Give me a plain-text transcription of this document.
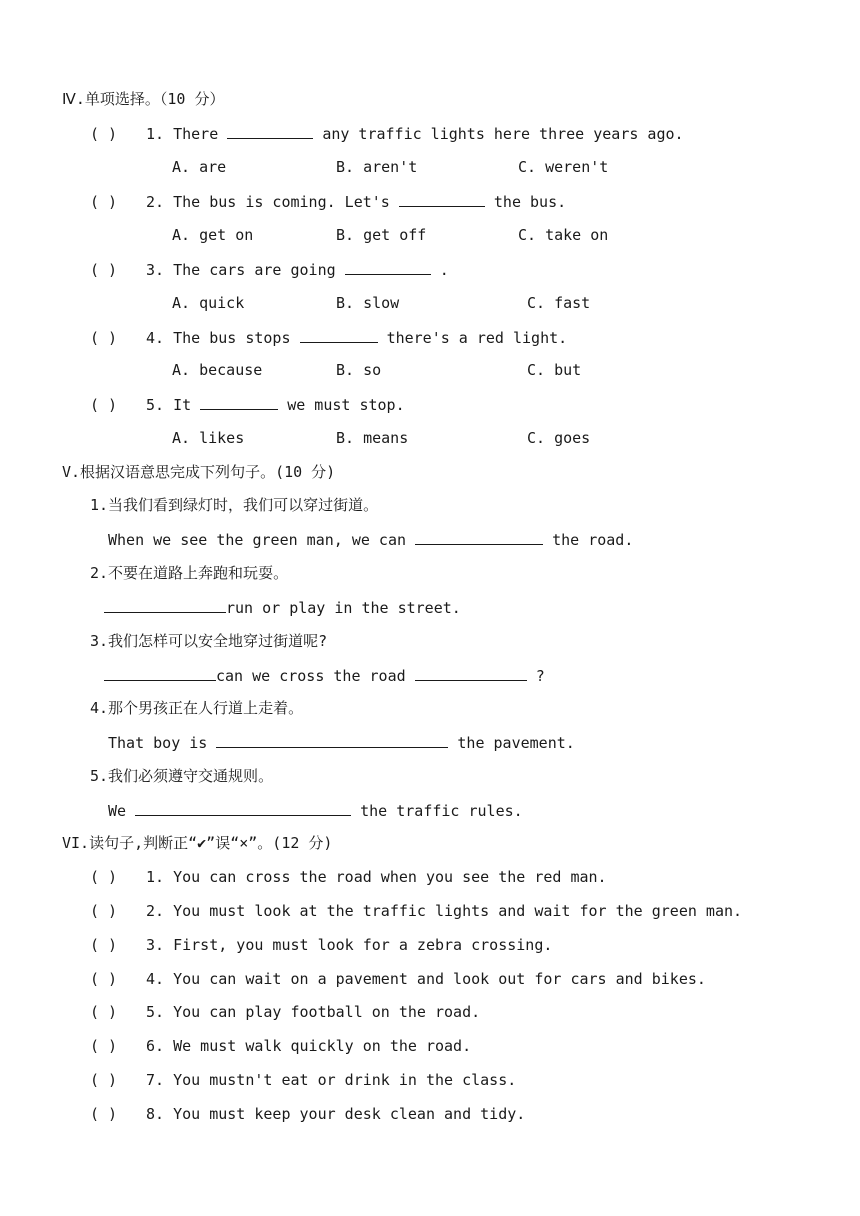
Ⅳ.单项选择。（10 分）
( ) 1. There	any traffic lights here three years ago.
A. are	B. aren't	C. weren't
( ) 2. The bus is coming. Let's	the bus.
A. get on	B. get off	C. take on
( ) 3. The cars are going	.
A. quick	B. slow	C. fast
( ) 4. The bus stops	there's a red light.
A. because	B. so	C. but
( ) 5. It	we must stop.
A. likes	B. means	C. goes
V.根据汉语意思完成下列句子。(10 分)
1.当我们看到绿灯时，我们可以穿过街道。
When we see the green man, we can	the road.
2.不要在道路上奔跑和玩耍。
run or play in the street.
3.我们怎样可以安全地穿过街道呢?
can we cross the road	?
4.那个男孩正在人行道上走着。
That boy is	the pavement.
5.我们必须遵守交通规则。
We	the traffic rules.
VI.读句子,判断正“✔”误“×”。(12 分)
( ) 1. You can cross the road when you see the red man.
( ) 2. You must look at the traffic lights and wait for the green man.
( ) 3. First, you must look for a zebra crossing.
( ) 4. You can wait on a pavement and look out for cars and bikes.
( ) 5. You can play football on the road.
( ) 6. We must walk quickly on the road.
( ) 7. You mustn't eat or drink in the class.
( ) 8. You must keep your desk clean and tidy.
